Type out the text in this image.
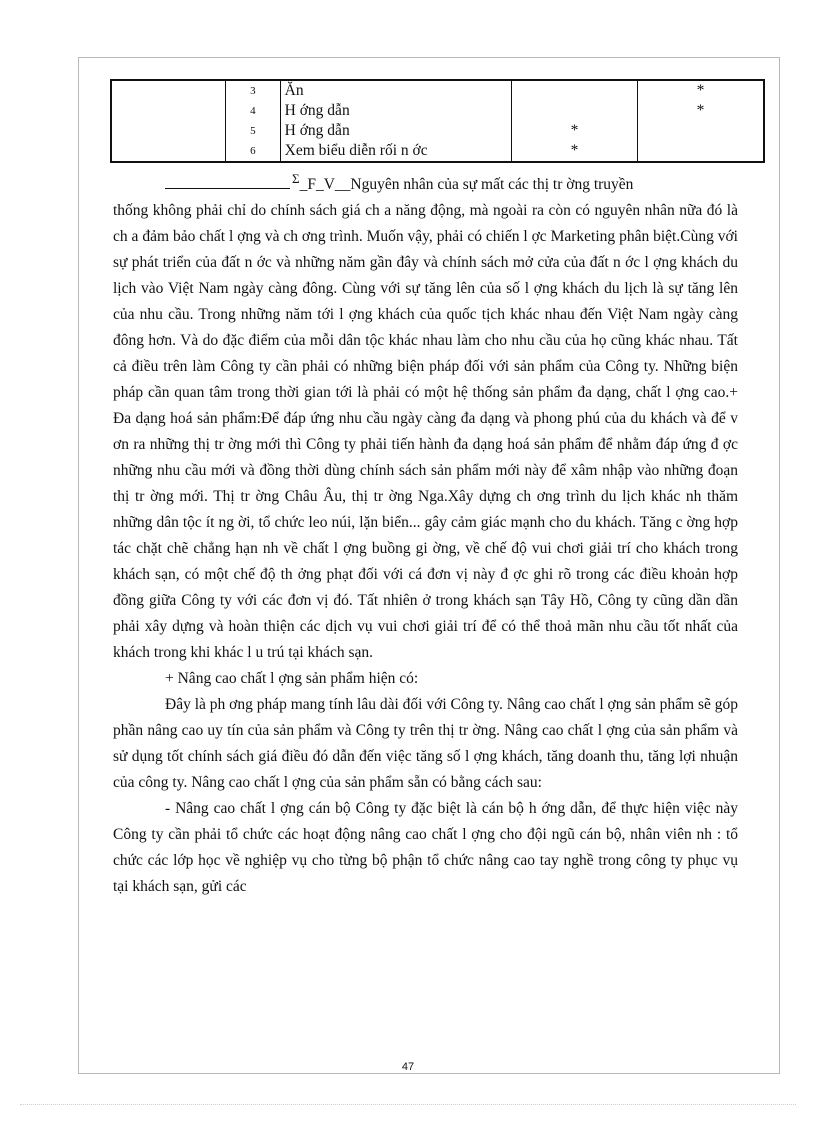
	3	Ăn		*
	4	H ớng dẫn		*
	5	H ớng dẫn	*	
	6	Xem biểu diễn rối n ớc	*	

$^\Sigma$_F_V__Nguyên nhân của sự mất các thị tr ờng truyền

thống không phải chỉ do chính sách giá ch a năng động, mà ngoài ra còn có nguyên nhân nữa đó là ch a đảm bảo chất l ợng và ch ơng trình. Muốn vậy, phải có chiến l ợc Marketing phân biệt.Cùng với sự phát triển của đất n ớc và những năm gần đây và chính sách mở cửa của đất n ớc l ợng khách du lịch vào Việt Nam ngày càng đông. Cùng với sự tăng lên của số l ợng khách du lịch là sự tăng lên của nhu cầu. Trong những năm tới l ợng khách của quốc tịch khác nhau đến Việt Nam ngày càng đông hơn. Và do đặc điểm của mỗi dân tộc khác nhau làm cho nhu cầu của họ cũng khác nhau. Tất cả điều trên làm Công ty cần phải có những biện pháp đối với sản phẩm của Công ty. Những biện pháp cần quan tâm trong thời gian tới là phải có một hệ thống sản phẩm đa dạng, chất l ợng cao.+ Đa dạng hoá sản phẩm:Để đáp ứng nhu cầu ngày càng đa dạng và phong phú của du khách và để v ơn ra những thị tr ờng mới thì Công ty phải tiến hành đa dạng hoá sản phẩm để nhằm đáp ứng đ ợc những nhu cầu mới và đồng thời dùng chính sách sản phẩm mới này để xâm nhập vào những đoạn thị tr ờng mới. Thị tr ờng Châu Âu, thị tr ờng Nga.Xây dựng ch ơng trình du lịch khác nh thăm những dân tộc ít ng ời, tổ chức leo núi, lặn biển... gây cảm giác mạnh cho du khách. Tăng c ờng hợp tác chặt chẽ chẳng hạn nh về chất l ợng buồng gi ờng, về chế độ vui chơi giải trí cho khách trong khách sạn, có một chế độ th ởng phạt đối với cá đơn vị này đ ợc ghi rõ trong các điều khoản hợp đồng giữa Công ty với các đơn vị đó. Tất nhiên ở trong khách sạn Tây Hồ, Công ty cũng dần dần phải xây dựng và hoàn thiện các dịch vụ vui chơi giải trí để có thể thoả mãn nhu cầu tốt nhất của khách trong khi khác l u trú tại khách sạn.

+ Nâng cao chất l ợng sản phẩm hiện có:

Đây là ph ơng pháp mang tính lâu dài đối với Công ty. Nâng cao chất l ợng sản phẩm sẽ góp phần nâng cao uy tín của sản phẩm và Công ty trên thị tr ờng. Nâng cao chất l ợng của sản phẩm và sử dụng tốt chính sách giá điều đó dẫn đến việc tăng số l ợng khách, tăng doanh thu, tăng lợi nhuận của công ty. Nâng cao chất l ợng của sản phẩm sẵn có bằng cách sau:

- Nâng cao chất l ợng cán bộ Công ty đặc biệt là cán bộ h ớng dẫn, để thực hiện việc này Công ty cần phải tổ chức các hoạt động nâng cao chất l ợng cho đội ngũ cán bộ, nhân viên nh : tổ chức các lớp học về nghiệp vụ cho từng bộ phận tổ chức nâng cao tay nghề trong công ty phục vụ tại khách sạn, gửi các

47
